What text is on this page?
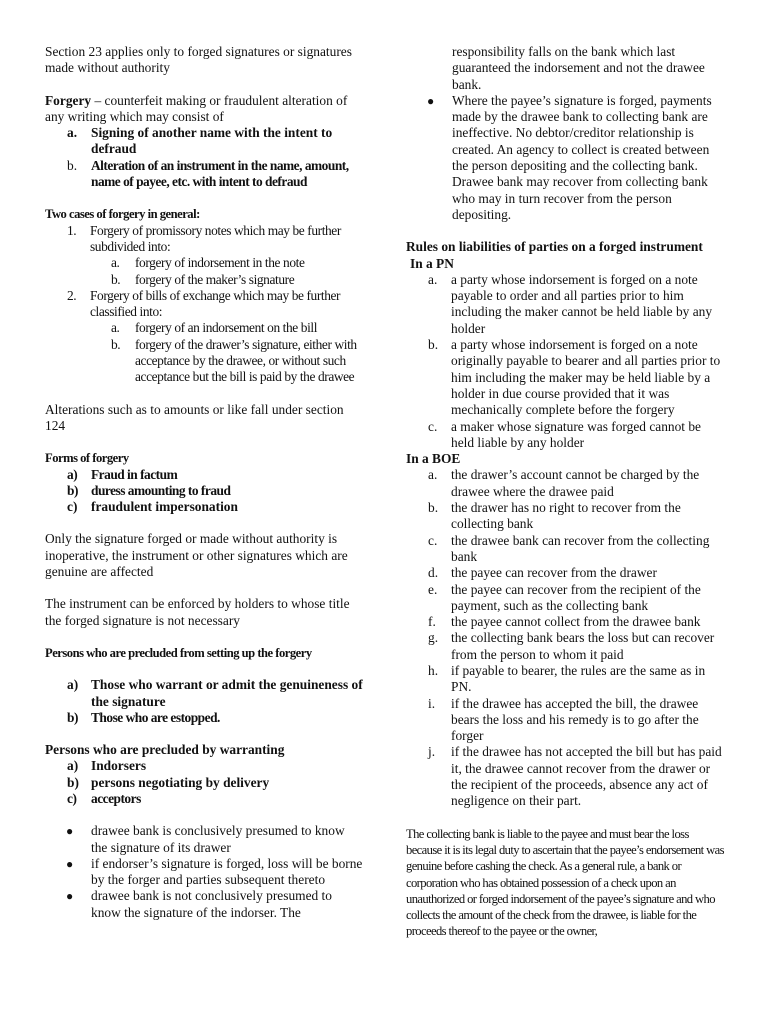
Section 23 applies only to forged signatures or signatures made without authority

Forgery – counterfeit making or fraudulent alteration of any writing which may consist of

a. Signing of another name with the intent to defraud
b. Alteration of an instrument in the name, amount, name of payee, etc. with intent to defraud

Two cases of forgery in general:

1. Forgery of promissory notes which may be further subdivided into:
a. forgery of indorsement in the note
b. forgery of the maker’s signature
2. Forgery of bills of exchange which may be further classified into:
a. forgery of an indorsement on the bill
b. forgery of the drawer’s signature, either with acceptance by the drawee, or without such acceptance but the bill is paid by the drawee

Alterations such as to amounts or like fall under section 124

Forms of forgery

a) Fraud in factum
b) duress amounting to fraud
c) fraudulent impersonation

Only the signature forged or made without authority is inoperative, the instrument or other signatures which are genuine are affected

The instrument can be enforced by holders to whose title the forged signature is not necessary

Persons who are precluded from setting up the forgery

a) Those who warrant or admit the genuineness of the signature
b) Those who are estopped.

Persons who are precluded by warranting

a) Indorsers
b) persons negotiating by delivery
c) acceptors
● drawee bank is conclusively presumed to know the signature of its drawer
● if endorser’s signature is forged, loss will be borne by the forger and parties subsequent thereto
● drawee bank is not conclusively presumed to know the signature of the indorser. The

responsibility falls on the bank which last guaranteed the indorsement and not the drawee bank.

● Where the payee’s signature is forged, payments made by the drawee bank to collecting bank are ineffective. No debtor/creditor relationship is created. An agency to collect is created between the person depositing and the collecting bank. Drawee bank may recover from collecting bank who may in turn recover from the person depositing.

Rules on liabilities of parties on a forged instrument

In a PN

a. a party whose indorsement is forged on a note payable to order and all parties prior to him including the maker cannot be held liable by any holder
b. a party whose indorsement is forged on a note originally payable to bearer and all parties prior to him including the maker may be held liable by a holder in due course provided that it was mechanically complete before the forgery
c. a maker whose signature was forged cannot be held liable by any holder

In a BOE

a. the drawer’s account cannot be charged by the drawee where the drawee paid
b. the drawer has no right to recover from the collecting bank
c. the drawee bank can recover from the collecting bank
d. the payee can recover from the drawer
e. the payee can recover from the recipient of the payment, such as the collecting bank
f. the payee cannot collect from the drawee bank
g. the collecting bank bears the loss but can recover from the person to whom it paid
h. if payable to bearer, the rules are the same as in PN.
i. if the drawee has accepted the bill, the drawee bears the loss and his remedy is to go after the forger
j. if the drawee has not accepted the bill but has paid it, the drawee cannot recover from the drawer or the recipient of the proceeds, absence any act of negligence on their part.

The collecting bank is liable to the payee and must bear the loss because it is its legal duty to ascertain that the payee’s endorsement was genuine before cashing the check. As a general rule, a bank or corporation who has obtained possession of a check upon an unauthorized or forged indorsement of the payee’s signature and who collects the amount of the check from the drawee, is liable for the proceeds thereof to the payee or the owner,
